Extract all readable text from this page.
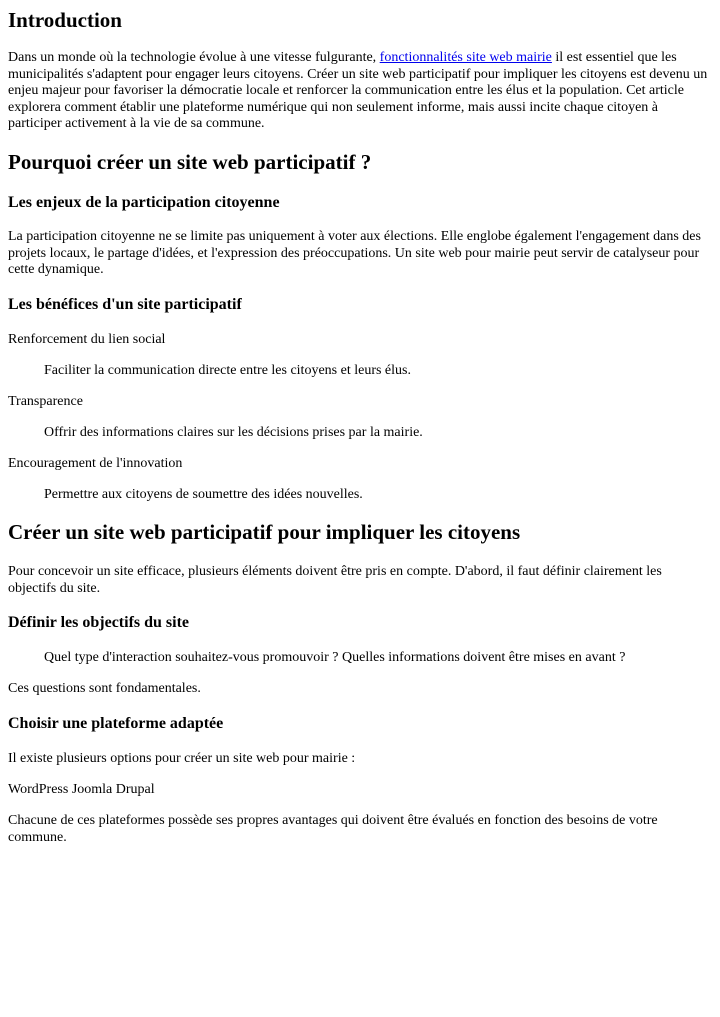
Introduction

Dans un monde où la technologie évolue à une vitesse fulgurante, fonctionnalités site web mairie il est essentiel que les municipalités s'adaptent pour engager leurs citoyens. Créer un site web participatif pour impliquer les citoyens est devenu un enjeu majeur pour favoriser la démocratie locale et renforcer la communication entre les élus et la population. Cet article explorera comment établir une plateforme numérique qui non seulement informe, mais aussi incite chaque citoyen à participer activement à la vie de sa commune.

Pourquoi créer un site web participatif ?
Les enjeux de la participation citoyenne

La participation citoyenne ne se limite pas uniquement à voter aux élections. Elle englobe également l'engagement dans des projets locaux, le partage d'idées, et l'expression des préoccupations. Un site web pour mairie peut servir de catalyseur pour cette dynamique.

Les bénéfices d'un site participatif

Renforcement du lien social

Faciliter la communication directe entre les citoyens et leurs élus.

Transparence

Offrir des informations claires sur les décisions prises par la mairie.

Encouragement de l'innovation

Permettre aux citoyens de soumettre des idées nouvelles.

Créer un site web participatif pour impliquer les citoyens

Pour concevoir un site efficace, plusieurs éléments doivent être pris en compte. D'abord, il faut définir clairement les objectifs du site.

Définir les objectifs du site

Quel type d'interaction souhaitez-vous promouvoir ? Quelles informations doivent être mises en avant ?

Ces questions sont fondamentales.

Choisir une plateforme adaptée

Il existe plusieurs options pour créer un site web pour mairie :

WordPress Joomla Drupal

Chacune de ces plateformes possède ses propres avantages qui doivent être évalués en fonction des besoins de votre commune.
